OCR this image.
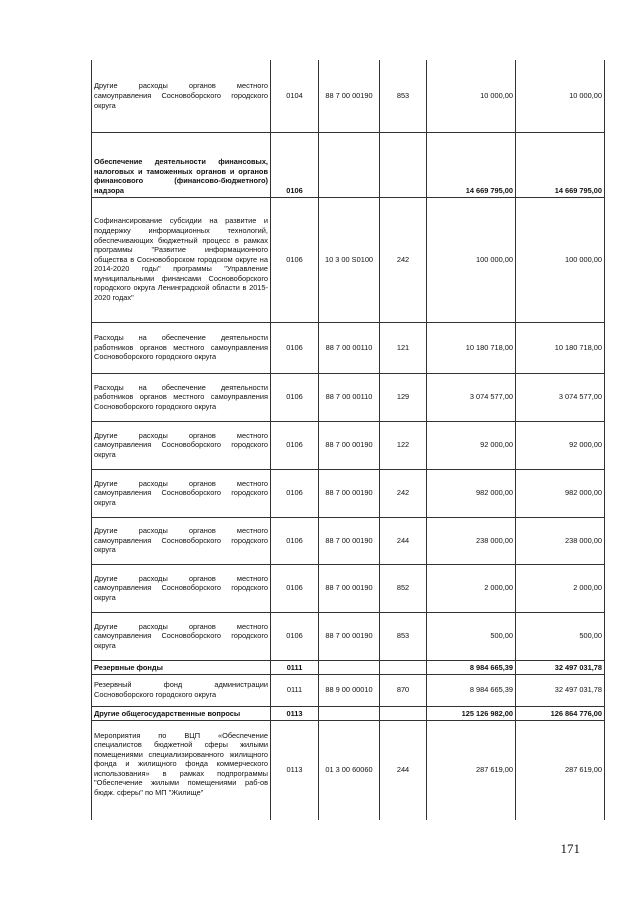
Другие расходы органов местного самоуправления Сосновоборского городского округа	0104	88 7 00 00190	853	10 000,00	10 000,00
Обеспечение деятельности финансовых, налоговых и таможенных органов и органов финансового (финансово-бюджетного) надзора	0106			14 669 795,00	14 669 795,00
Софинансирование субсидии на развитие и поддержку информационных технологий, обеспечивающих бюджетный процесс в рамках программы "Развитие информационного общества в Сосновоборском городском округе на 2014-2020 годы" программы "Управление муниципальными финансами Сосновоборского городского округа Ленинградской области в 2015-2020 годах"	0106	10 3 00 S0100	242	100 000,00	100 000,00
Расходы на обеспечение деятельности работников органов местного самоуправления Сосновоборского городского округа	0106	88 7 00 00110	121	10 180 718,00	10 180 718,00
Расходы на обеспечение деятельности работников органов местного самоуправления Сосновоборского городского округа	0106	88 7 00 00110	129	3 074 577,00	3 074 577,00
Другие расходы органов местного самоуправления Сосновоборского городского округа	0106	88 7 00 00190	122	92 000,00	92 000,00
Другие расходы органов местного самоуправления Сосновоборского городского округа	0106	88 7 00 00190	242	982 000,00	982 000,00
Другие расходы органов местного самоуправления Сосновоборского городского округа	0106	88 7 00 00190	244	238 000,00	238 000,00
Другие расходы органов местного самоуправления Сосновоборского городского округа	0106	88 7 00 00190	852	2 000,00	2 000,00
Другие расходы органов местного самоуправления Сосновоборского городского округа	0106	88 7 00 00190	853	500,00	500,00
Резервные фонды	0111			8 984 665,39	32 497 031,78
Резервный фонд администрации Сосновоборского городского округа	0111	88 9 00 00010	870	8 984 665,39	32 497 031,78
Другие общегосударственные вопросы	0113			125 126 982,00	126 864 776,00
Мероприятия по ВЦП «Обеспечение специалистов бюджетной сферы жилыми помещениями специализированного жилищного фонда и жилищного фонда коммерческого использования» в рамках подпрограммы "Обеспечение жилыми помещениями раб-ов бюдж. сферы" по МП "Жилище"	0113	01 3 00 60060	244	287 619,00	287 619,00
171
